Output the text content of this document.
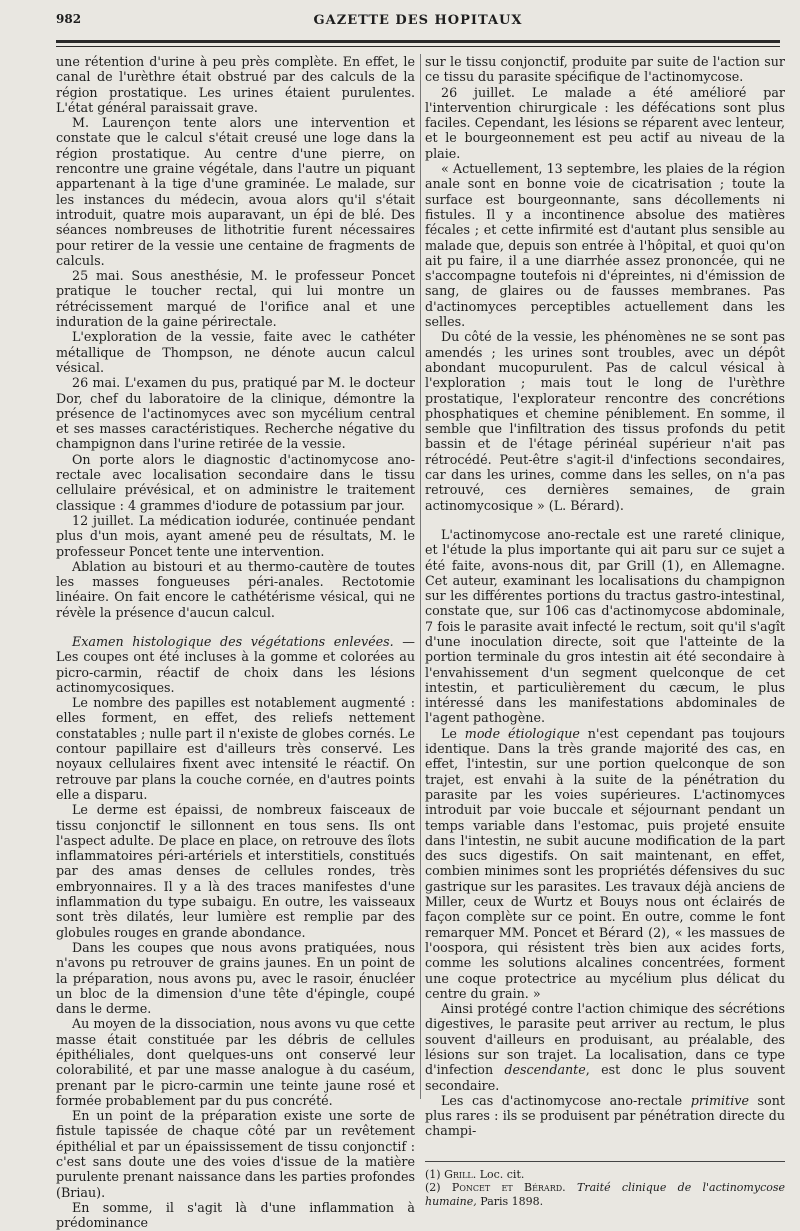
982	GAZETTE DES HOPITAUX

une rétention d'urine à peu près complète. En effet, le canal de l'urèthre était obstrué par des calculs de la région prostatique. Les urines étaient purulentes. L'état général paraissait grave.

M. Laurençon tente alors une intervention et constate que le calcul s'était creusé une loge dans la région prostatique. Au centre d'une pierre, on rencontre une graine végétale, dans l'autre un piquant appartenant à la tige d'une graminée. Le malade, sur les instances du médecin, avoua alors qu'il s'était introduit, quatre mois auparavant, un épi de blé. Des séances nombreuses de lithotritie furent nécessaires pour retirer de la vessie une centaine de fragments de calculs.

25 mai. Sous anesthésie, M. le professeur Poncet pratique le toucher rectal, qui lui montre un rétrécissement marqué de l'orifice anal et une induration de la gaine périrectale.

L'exploration de la vessie, faite avec le cathéter métallique de Thompson, ne dénote aucun calcul vésical.

26 mai. L'examen du pus, pratiqué par M. le docteur Dor, chef du laboratoire de la clinique, démontre la présence de l'actinomyces avec son mycélium central et ses masses caractéristiques. Recherche négative du champignon dans l'urine retirée de la vessie.

On porte alors le diagnostic d'actinomycose ano-rectale avec localisation secondaire dans le tissu cellulaire prévésical, et on administre le traitement classique : 4 grammes d'iodure de potassium par jour.

12 juillet. La médication iodurée, continuée pendant plus d'un mois, ayant amené peu de résultats, M. le professeur Poncet tente une intervention.

Ablation au bistouri et au thermo-cautère de toutes les masses fongueuses péri-anales. Rectotomie linéaire. On fait encore le cathétérisme vésical, qui ne révèle la présence d'aucun calcul.

Examen histologique des végétations enlevées. — Les coupes ont été incluses à la gomme et colorées au picro-carmin, réactif de choix dans les lésions actinomycosiques.

Le nombre des papilles est notablement augmenté : elles forment, en effet, des reliefs nettement constatables ; nulle part il n'existe de globes cornés. Le contour papillaire est d'ailleurs très conservé. Les noyaux cellulaires fixent avec intensité le réactif. On retrouve par plans la couche cornée, en d'autres points elle a disparu.

Le derme est épaissi, de nombreux faisceaux de tissu conjonctif le sillonnent en tous sens. Ils ont l'aspect adulte. De place en place, on retrouve des îlots inflammatoires péri-artériels et interstitiels, constitués par des amas denses de cellules rondes, très embryonnaires. Il y a là des traces manifestes d'une inflammation du type subaigu. En outre, les vaisseaux sont très dilatés, leur lumière est remplie par des globules rouges en grande abondance.

Dans les coupes que nous avons pratiquées, nous n'avons pu retrouver de grains jaunes. En un point de la préparation, nous avons pu, avec le rasoir, énucléer un bloc de la dimension d'une tête d'épingle, coupé dans le derme.

Au moyen de la dissociation, nous avons vu que cette masse était constituée par les débris de cellules épithéliales, dont quelques-uns ont conservé leur colorabilité, et par une masse analogue à du caséum, prenant par le picro-carmin une teinte jaune rosé et formée probablement par du pus concrété.

En un point de la préparation existe une sorte de fistule tapissée de chaque côté par un revêtement épithélial et par un épaississement de tissu conjonctif : c'est sans doute une des voies d'issue de la matière purulente prenant naissance dans les parties profondes (Briau).

En somme, il s'agit là d'une inflammation à prédominance

sur le tissu conjonctif, produite par suite de l'action sur ce tissu du parasite spécifique de l'actinomycose.

26 juillet. Le malade a été amélioré par l'intervention chirurgicale : les défécations sont plus faciles. Cependant, les lésions se réparent avec lenteur, et le bourgeonnement est peu actif au niveau de la plaie.

« Actuellement, 13 septembre, les plaies de la région anale sont en bonne voie de cicatrisation ; toute la surface est bourgeonnante, sans décollements ni fistules. Il y a incontinence absolue des matières fécales ; et cette infirmité est d'autant plus sensible au malade que, depuis son entrée à l'hôpital, et quoi qu'on ait pu faire, il a une diarrhée assez prononcée, qui ne s'accompagne toutefois ni d'épreintes, ni d'émission de sang, de glaires ou de fausses membranes. Pas d'actinomyces perceptibles actuellement dans les selles.

Du côté de la vessie, les phénomènes ne se sont pas amendés ; les urines sont troubles, avec un dépôt abondant mucopurulent. Pas de calcul vésical à l'exploration ; mais tout le long de l'urèthre prostatique, l'explorateur rencontre des concrétions phosphatiques et chemine péniblement. En somme, il semble que l'infiltration des tissus profonds du petit bassin et de l'étage périnéal supérieur n'ait pas rétrocédé. Peut-être s'agit-il d'infections secondaires, car dans les urines, comme dans les selles, on n'a pas retrouvé, ces dernières semaines, de grain actinomycosique » (L. Bérard).

L'actinomycose ano-rectale est une rareté clinique, et l'étude la plus importante qui ait paru sur ce sujet a été faite, avons-nous dit, par Grill (1), en Allemagne. Cet auteur, examinant les localisations du champignon sur les différentes portions du tractus gastro-intestinal, constate que, sur 106 cas d'actinomycose abdominale, 7 fois le parasite avait infecté le rectum, soit qu'il s'agît d'une inoculation directe, soit que l'atteinte de la portion terminale du gros intestin ait été secondaire à l'envahissement d'un segment quelconque de cet intestin, et particulièrement du cæcum, le plus intéressé dans les manifestations abdominales de l'agent pathogène.

Le mode étiologique n'est cependant pas toujours identique. Dans la très grande majorité des cas, en effet, l'intestin, sur une portion quelconque de son trajet, est envahi à la suite de la pénétration du parasite par les voies supérieures. L'actinomyces introduit par voie buccale et séjournant pendant un temps variable dans l'estomac, puis projeté ensuite dans l'intestin, ne subit aucune modification de la part des sucs digestifs. On sait maintenant, en effet, combien minimes sont les propriétés défensives du suc gastrique sur les parasites. Les travaux déjà anciens de Miller, ceux de Wurtz et Bouys nous ont éclairés de façon complète sur ce point. En outre, comme le font remarquer MM. Poncet et Bérard (2), « les massues de l'oospora, qui résistent très bien aux acides forts, comme les solutions alcalines concentrées, forment une coque protectrice au mycélium plus délicat du centre du grain. »

Ainsi protégé contre l'action chimique des sécrétions digestives, le parasite peut arriver au rectum, le plus souvent d'ailleurs en produisant, au préalable, des lésions sur son trajet. La localisation, dans ce type d'infection descendante, est donc le plus souvent secondaire.

Les cas d'actinomycose ano-rectale primitive sont plus rares : ils se produisent par pénétration directe du champi-

(1) Grill. Loc. cit.

(2) Poncet et Bérard. Traité clinique de l'actinomycose humaine, Paris 1898.
